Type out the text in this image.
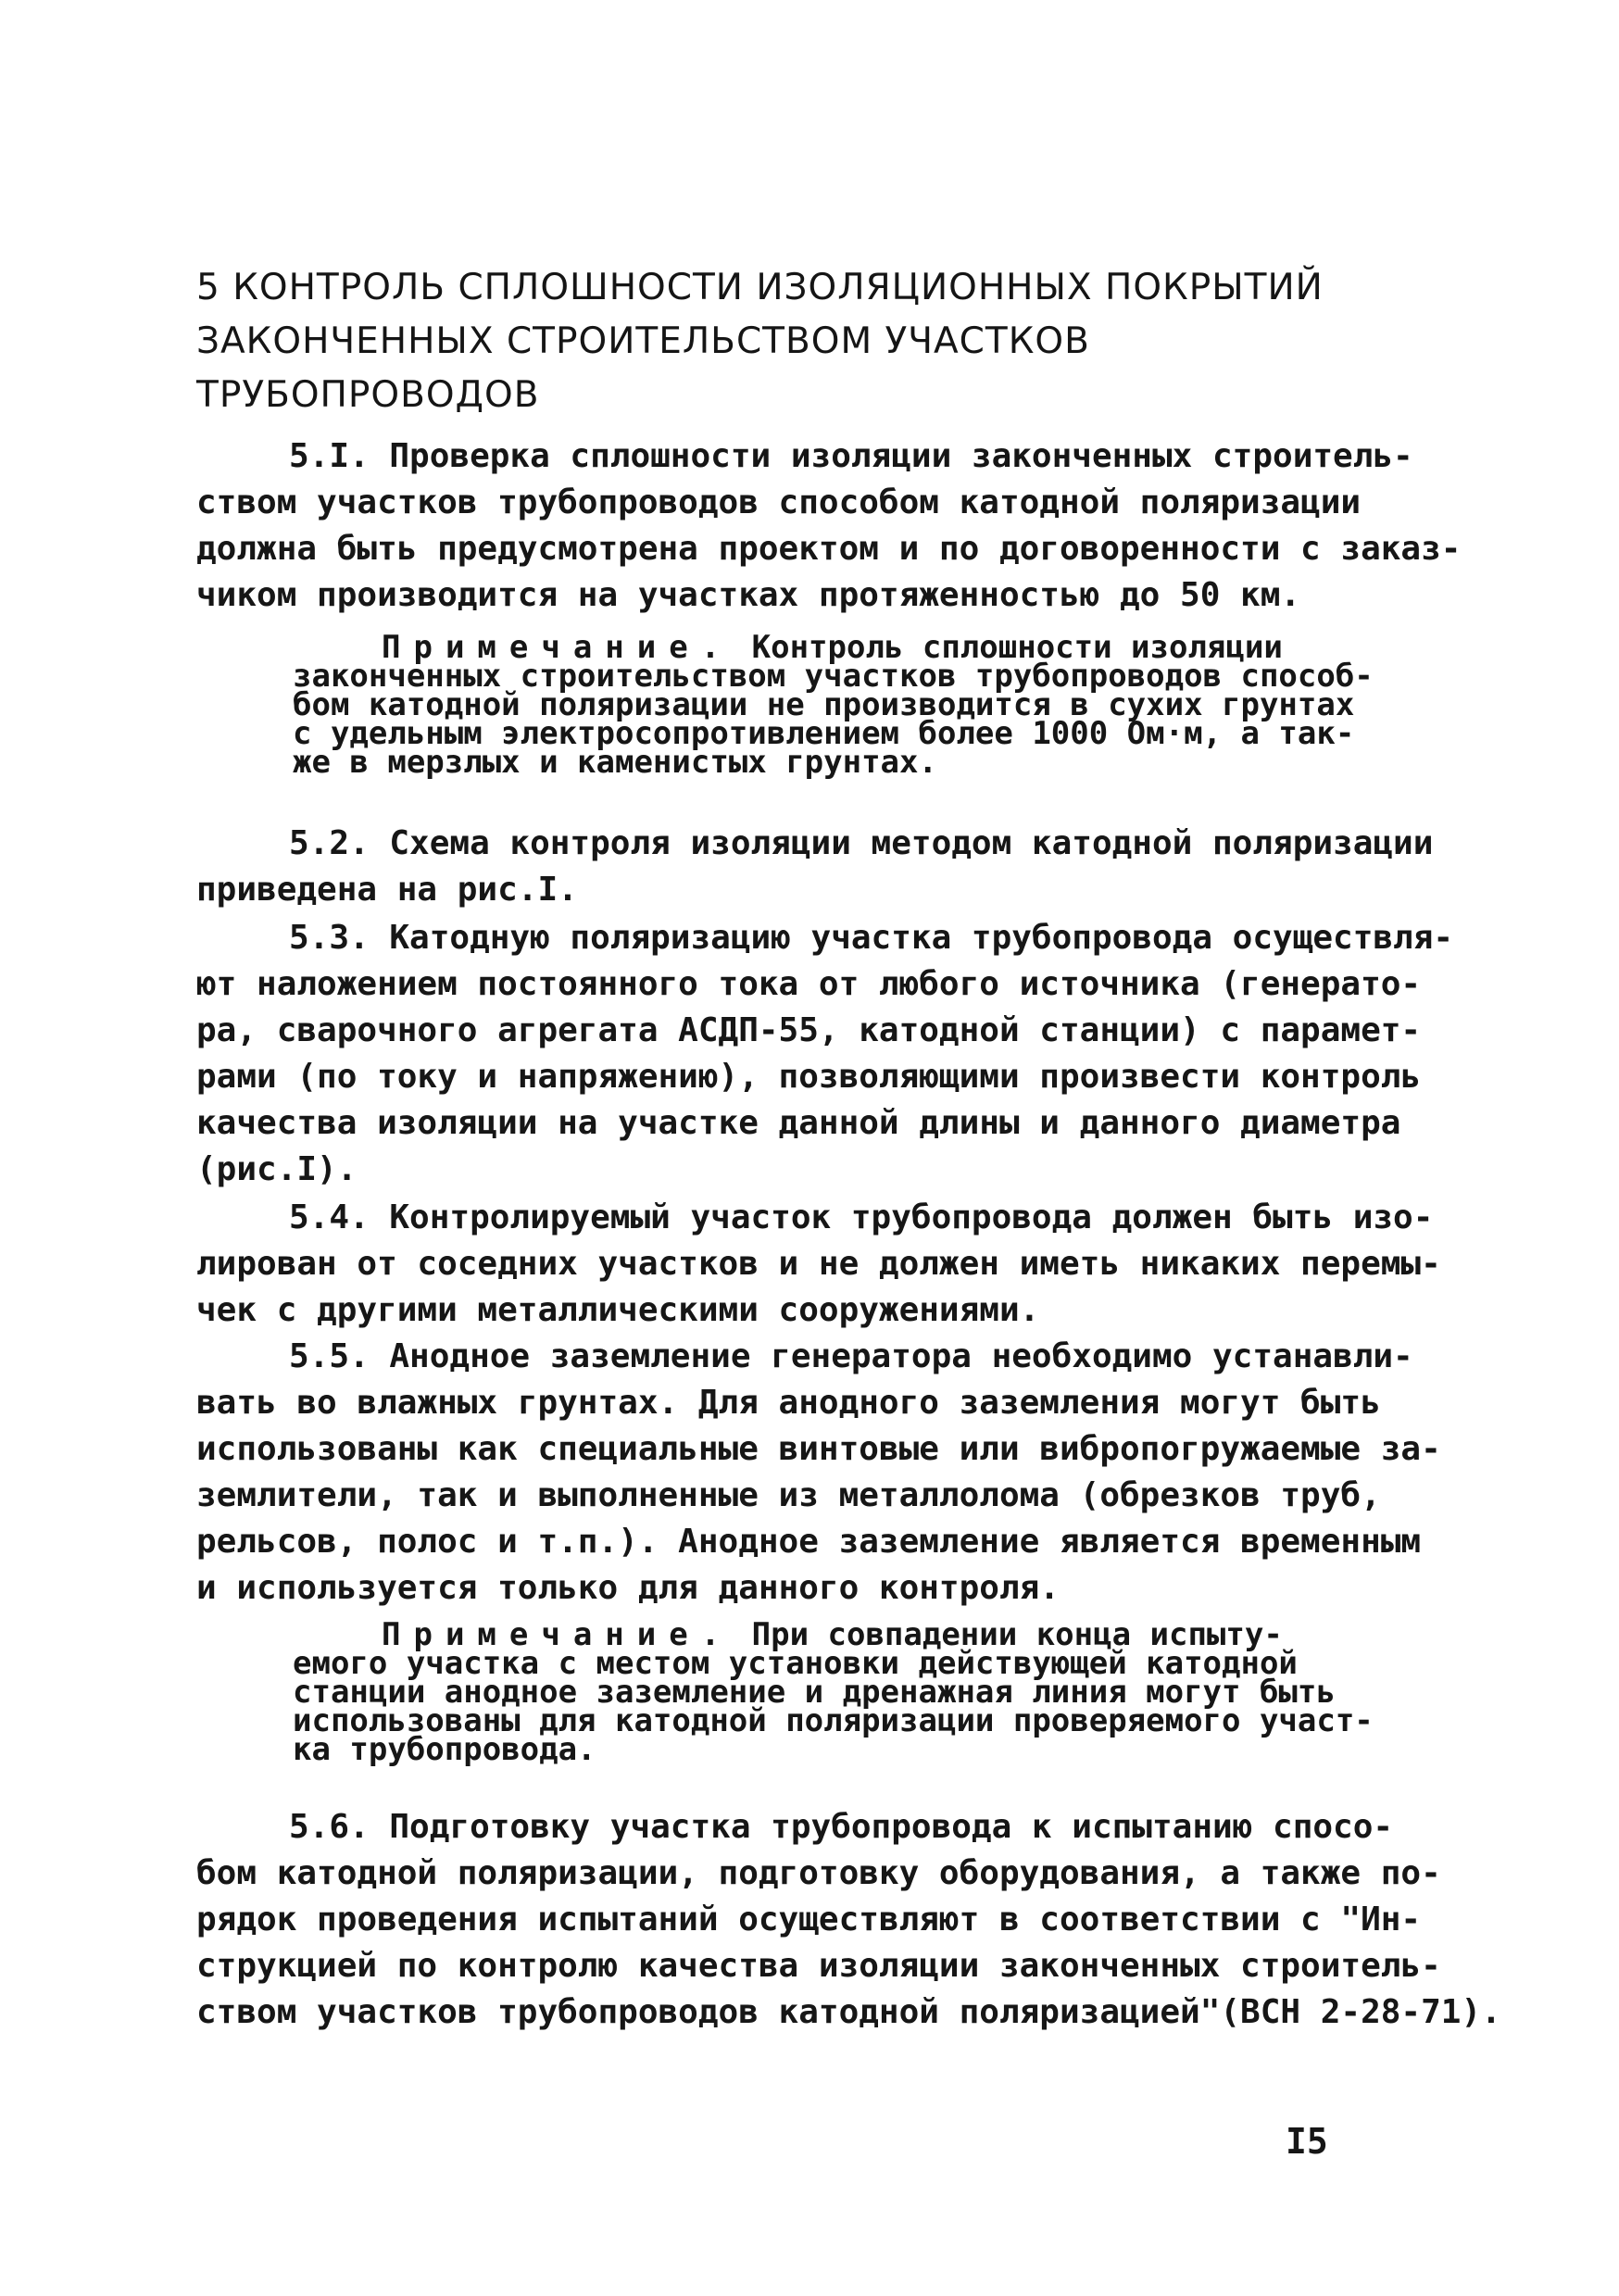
5 КОНТРОЛЬ СПЛОШНОСТИ ИЗОЛЯЦИОННЫХ ПОКРЫТИЙ
ЗАКОНЧЕННЫХ СТРОИТЕЛЬСТВОМ УЧАСТКОВ
ТРУБОПРОВОДОВ
5.I. Проверка сплошности изоляции законченных строитель-
ством участков трубопроводов способом катодной поляризации
должна быть предусмотрена проектом и по договоренности с заказ-
чиком производится на участках протяженностью до 50 км.
Примечание. Контроль сплошности изоляции
законченных строительством участков трубопроводов способ-
бом катодной поляризации не производится в сухих грунтах
с удельным электросопротивлением более 1000 Ом·м, а так-
же в мерзлых и каменистых грунтах.
5.2. Схема контроля изоляции методом катодной поляризации
приведена на рис.I.
5.3. Катодную поляризацию участка трубопровода осуществля-
ют наложением постоянного тока от любого источника (генерато-
ра, сварочного агрегата АСДП-55, катодной станции) с парамет-
рами (по току и напряжению), позволяющими произвести контроль
качества изоляции на участке данной длины и данного диаметра
(рис.I).
5.4. Контролируемый участок трубопровода должен быть изо-
лирован от соседних участков и не должен иметь никаких перемы-
чек с другими металлическими сооружениями.
5.5. Анодное заземление генератора необходимо устанавли-
вать во влажных грунтах. Для анодного заземления могут быть
использованы как специальные винтовые или вибропогружаемые за-
землители, так и выполненные из металлолома (обрезков труб,
рельсов, полос и т.п.). Анодное заземление является временным
и используется только для данного контроля.
Примечание. При совпадении конца испыту-
емого участка с местом установки действующей катодной
станции анодное заземление и дренажная линия могут быть
использованы для катодной поляризации проверяемого участ-
ка трубопровода.
5.6. Подготовку участка трубопровода к испытанию спосо-
бом катодной поляризации, подготовку оборудования, а также по-
рядок проведения испытаний осуществляют в соответствии с "Ин-
струкцией по контролю качества изоляции законченных строитель-
ством участков трубопроводов катодной поляризацией"(ВСН 2-28-71).
I5
